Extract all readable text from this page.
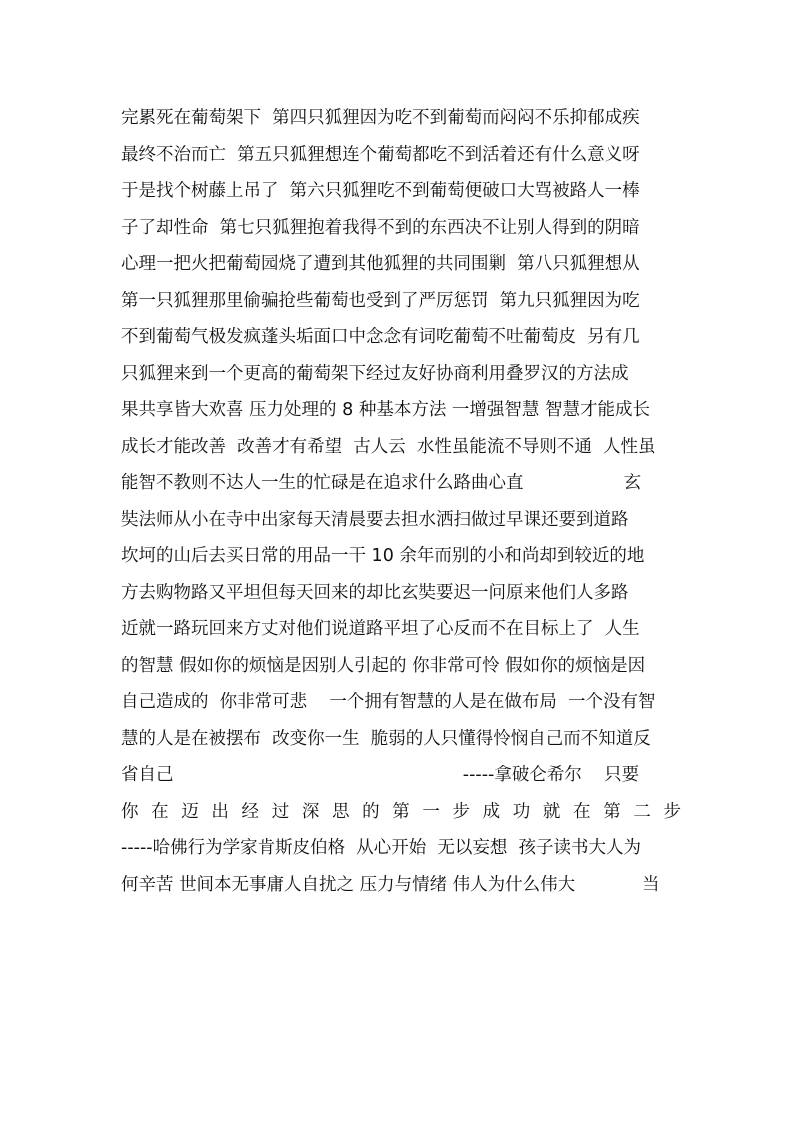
完累死在葡萄架下  第四只狐狸因为吃不到葡萄而闷闷不乐抑郁成疾
最终不治而亡  第五只狐狸想连个葡萄都吃不到活着还有什么意义呀
于是找个树藤上吊了  第六只狐狸吃不到葡萄便破口大骂被路人一棒
子了却性命  第七只狐狸抱着我得不到的东西决不让别人得到的阴暗
心理一把火把葡萄园烧了遭到其他狐狸的共同围剿  第八只狐狸想从
第一只狐狸那里偷骗抢些葡萄也受到了严厉惩罚  第九只狐狸因为吃
不到葡萄气极发疯蓬头垢面口中念念有词吃葡萄不吐葡萄皮  另有几
只狐狸来到一个更高的葡萄架下经过友好协商利用叠罗汉的方法成
果共享皆大欢喜 压力处理的 8 种基本方法 一增强智慧 智慧才能成长
成长才能改善  改善才有希望  古人云  水性虽能流不导则不通  人性虽
能智不教则不达人一生的忙碌是在追求什么路曲心直                  玄
奘法师从小在寺中出家每天清晨要去担水洒扫做过早课还要到道路
坎坷的山后去买日常的用品一干 10 余年而别的小和尚却到较近的地
方去购物路又平坦但每天回来的却比玄奘要迟一问原来他们人多路
近就一路玩回来方丈对他们说道路平坦了心反而不在目标上了  人生
的智慧 假如你的烦恼是因别人引起的 你非常可怜 假如你的烦恼是因
自己造成的  你非常可悲    一个拥有智慧的人是在做布局  一个没有智
慧的人是在被摆布  改变你一生  脆弱的人只懂得怜悯自己而不知道反
省自己                                                    -----拿破仑希尔    只要
你 在 迈 出 经 过 深 思 的 第 一 步 成 功 就 在 第 二 步
-----哈佛行为学家肯斯皮伯格  从心开始  无以妄想  孩子读书大人为
何辛苦 世间本无事庸人自扰之 压力与情绪 伟人为什么伟大            当
